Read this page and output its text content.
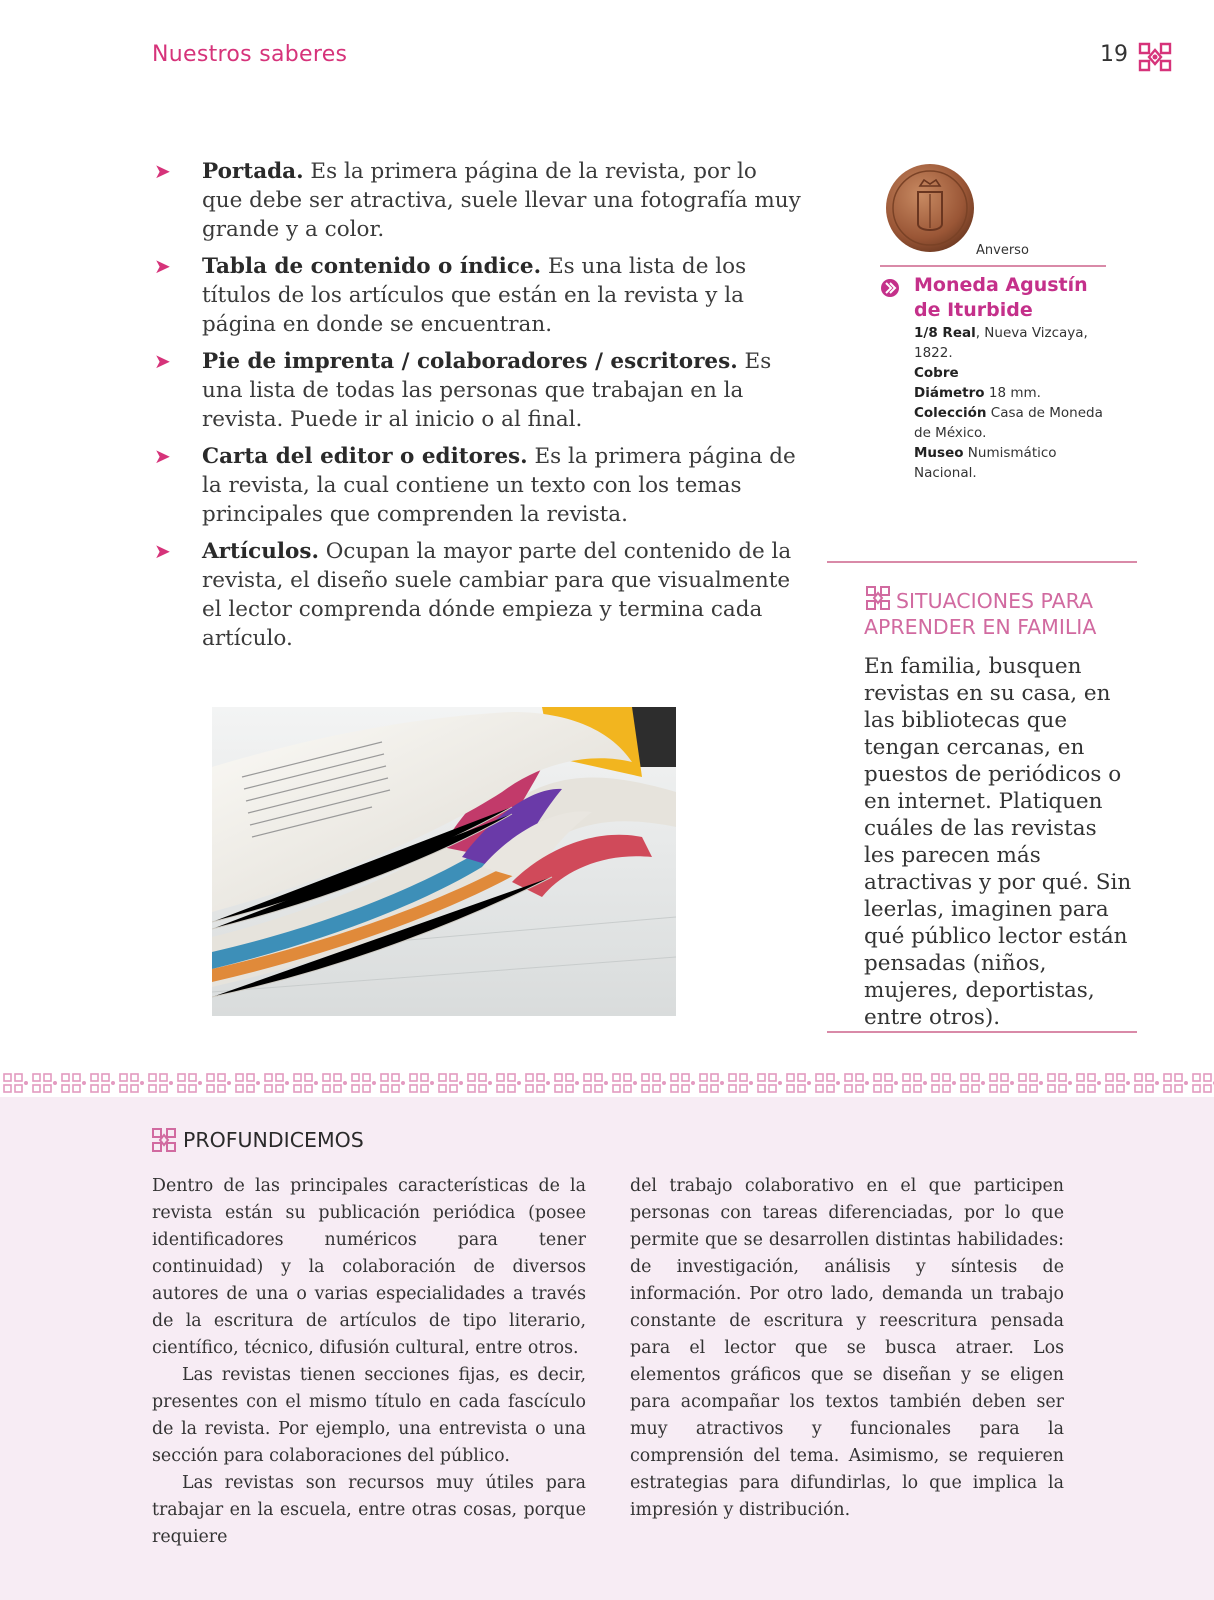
Nuestros saberes	19
➤ Portada. Es la primera página de la revista, por lo que debe ser atractiva, suele llevar una fotografía muy grande y a color.
➤ Tabla de contenido o índice. Es una lista de los títulos de los artículos que están en la revista y la página en donde se encuentran.
➤ Pie de imprenta / colaboradores / escritores. Es una lista de todas las personas que trabajan en la revista. Puede ir al inicio o al final.
➤ Carta del editor o editores. Es la primera página de la revista, la cual contiene un texto con los temas principales que comprenden la revista.
➤ Artículos. Ocupan la mayor parte del contenido de la revista, el diseño suele cambiar para que visualmente el lector comprenda dónde empieza y termina cada artículo.
Anverso
Moneda Agustín de Iturbide
1/8 Real, Nueva Vizcaya, 1822.
Cobre
Diámetro 18 mm.
Colección Casa de Moneda de México.
Museo Numismático Nacional.
SITUACIONES PARA APRENDER EN FAMILIA
En familia, busquen revistas en su casa, en las bibliotecas que tengan cercanas, en puestos de periódicos o en internet. Platiquen cuáles de las revistas les parecen más atractivas y por qué. Sin leerlas, imaginen para qué público lector están pensadas (niños, mujeres, deportistas, entre otros).
PROFUNDICEMOS

Dentro de las principales características de la revista están su publicación periódica (posee identificadores numéricos para tener continuidad) y la colaboración de diversos autores de una o varias especialidades a través de la escritura de artículos de tipo literario, científico, técnico, difusión cultural, entre otros.

Las revistas tienen secciones fijas, es decir, presentes con el mismo título en cada fascículo de la revista. Por ejemplo, una entrevista o una sección para colaboraciones del público.

Las revistas son recursos muy útiles para trabajar en la escuela, entre otras cosas, porque requiere

del trabajo colaborativo en el que participen personas con tareas diferenciadas, por lo que permite que se desarrollen distintas habilidades: de investigación, análisis y síntesis de información. Por otro lado, demanda un trabajo constante de escritura y reescritura pensada para el lector que se busca atraer. Los elementos gráficos que se diseñan y se eligen para acompañar los textos también deben ser muy atractivos y funcionales para la comprensión del tema. Asimismo, se requieren estrategias para difundirlas, lo que implica la impresión y distribución.
